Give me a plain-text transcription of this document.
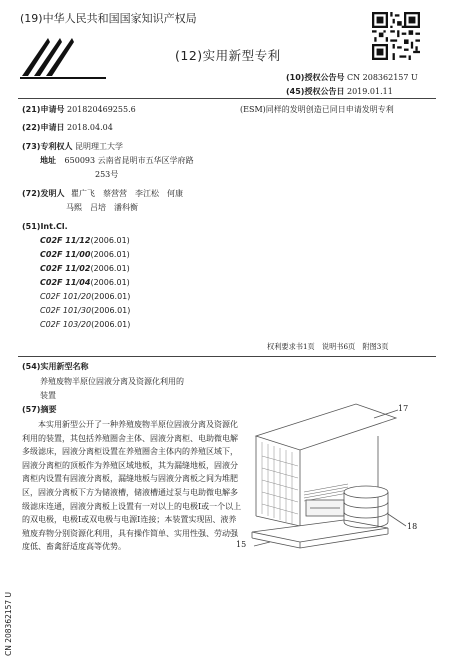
(19)中华人民共和国国家知识产权局
(12)实用新型专利
(10)授权公告号 CN 208362157 U
(45)授权公告日 2019.01.11
(21)申请号 201820469255.6	(ESM)同样的发明创造已同日申请发明专利
(22)申请日 2018.04.04
(73)专利权人 昆明理工大学
地址 650093 云南省昆明市五华区学府路
253号
(72)发明人 瞿广飞　蔡营营　李江松　何康
马熙　吕培　潘科衡
(51)Int.Cl.
C02F 11/12(2006.01)
C02F 11/00(2006.01)
C02F 11/02(2006.01)
C02F 11/04(2006.01)
C02F 101/20(2006.01)
C02F 101/30(2006.01)
C02F 103/20(2006.01)
权利要求书1页　说明书6页　附图3页
(54)实用新型名称
养殖废物半原位固液分离及资源化利用的
装置
(57)摘要
本实用新型公开了一种养殖废物半原位固液分离及资源化利用的装置，其包括养殖圈舍主体、固液分离柜、电助微电解多级滤床，固液分离柜设置在养殖圈舍主体内的养殖区域下，固液分离柜的顶板作为养殖区域地板，其为漏缝地板，固液分离柜内设置有固液分离板，漏缝地板与固液分离板之间为堆肥区，固液分离板下方为储液槽，储液槽通过泵与电助微电解多级滤床连通，固液分离板上设置有一对以上的电极Ⅰ或一个以上的双电极，电极Ⅰ或双电极与电源Ⅰ连接；本装置实现固、液养殖废弃物分别资源化利用，具有操作简单、实用性强、劳动强度低、畜禽舒适度高等优势。
CN 208362157 U
17
18
15
